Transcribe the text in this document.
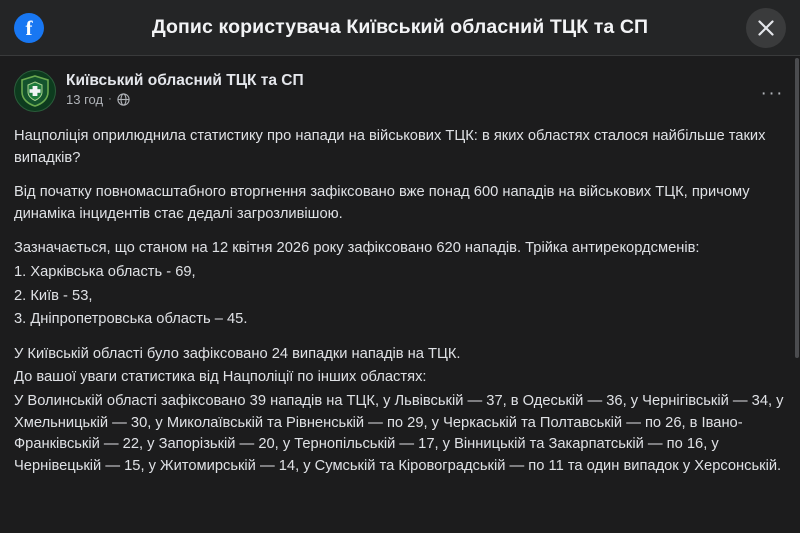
f	Допис користувача Київський обласний ТЦК та СП
Київський обласний ТЦК та СП
13 год ·	···

Нацполіція оприлюднила статистику про напади на військових ТЦК: в яких областях сталося найбільше таких випадків?

Від початку повномасштабного вторгнення зафіксовано вже понад 600 нападів на військових ТЦК, причому динаміка інцидентів стає дедалі загрозливішою.

Зазначається, що станом на 12 квітня 2026 року зафіксовано 620 нападів. Трійка антирекордсменів:

1. Харківська область - 69,

2. Київ - 53,

3. Дніпропетровська область – 45.

У Київській області було зафіксовано 24 випадки нападів на ТЦК.

До вашої уваги статистика від Нацполіції по інших областях:

У Волинській області зафіксовано 39 нападів на ТЦК, у Львівській — 37, в Одеській — 36, у Чернігівській — 34, у Хмельницькій — 30, у Миколаївській та Рівненській — по 29, у Черкаській та Полтавській — по 26, в Івано-Франківській — 22, у Запорізькій — 20, у Тернопільській — 17, у Вінницькій та Закарпатській — по 16, у Чернівецькій — 15, у Житомирській — 14, у Сумській та Кіровоградській — по 11 та один випадок у Херсонській.
